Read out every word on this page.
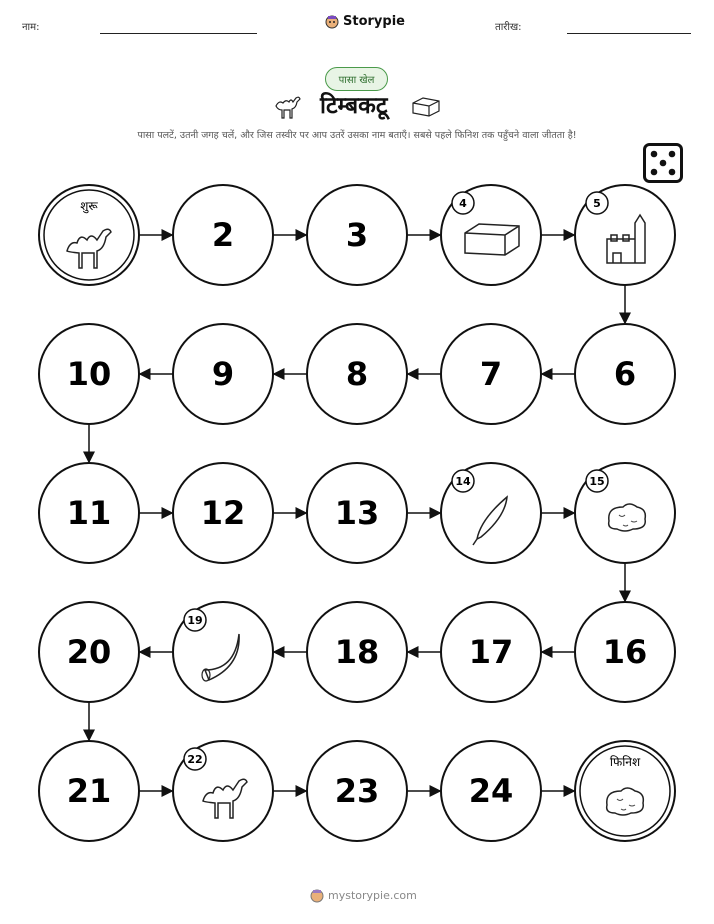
नाम:	Storypie	तारीख:
पासा खेल
टिम्बकटू
पासा पलटें, उतनी जगह चलें, और जिस तस्वीर पर आप उतरें उसका नाम बताएँ। सबसे पहले फिनिश तक पहुँचने वाला जीतता है!
शुरू
2	3
4	5
6
7
8
9
10
11	12	13
14	15
16
17
18
19
20
21
22
23	24
फिनिश
mystorypie.com
